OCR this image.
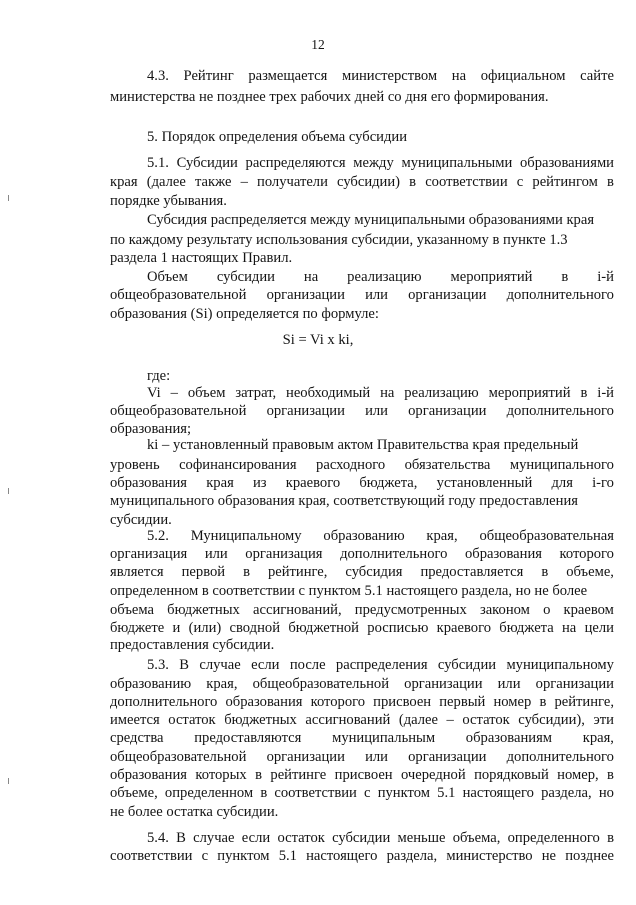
12
4.3. Рейтинг размещается министерством на официальном сайте
министерства не позднее трех рабочих дней со дня его формирования.
5. Порядок определения объема субсидии
5.1. Субсидии распределяются между муниципальными образованиями
края (далее также – получатели субсидии) в соответствии с рейтингом в
порядке убывания.
Субсидия распределяется между муниципальными образованиями края
по каждому результату использования субсидии, указанному в пункте 1.3
раздела 1 настоящих Правил.
Объем субсидии на реализацию мероприятий в i-й
общеобразовательной организации или организации дополнительного
образования (Si) определяется по формуле:
где:
Vi – объем затрат, необходимый на реализацию мероприятий в i-й
общеобразовательной организации или организации дополнительного
образования;
ki – установленный правовым актом Правительства края предельный
уровень софинансирования расходного обязательства муниципального
образования края из краевого бюджета, установленный для i-го
муниципального образования края, соответствующий году предоставления
субсидии.
5.2. Муниципальному образованию края, общеобразовательная
организация или организация дополнительного образования которого
является первой в рейтинге, субсидия предоставляется в объеме,
определенном в соответствии с пунктом 5.1 настоящего раздела, но не более
объема бюджетных ассигнований, предусмотренных законом о краевом
бюджете и (или) сводной бюджетной росписью краевого бюджета на цели
предоставления субсидии.
5.3. В случае если после распределения субсидии муниципальному
образованию края, общеобразовательной организации или организации
дополнительного образования которого присвоен первый номер в рейтинге,
имеется остаток бюджетных ассигнований (далее – остаток субсидии), эти
средства предоставляются муниципальным образованиям края,
общеобразовательной организации или организации дополнительного
образования которых в рейтинге присвоен очередной порядковый номер, в
объеме, определенном в соответствии с пунктом 5.1 настоящего раздела, но
не более остатка субсидии.
5.4. В случае если остаток субсидии меньше объема, определенного в
соответствии с пунктом 5.1 настоящего раздела, министерство не позднее
Si = Vi x ki,
